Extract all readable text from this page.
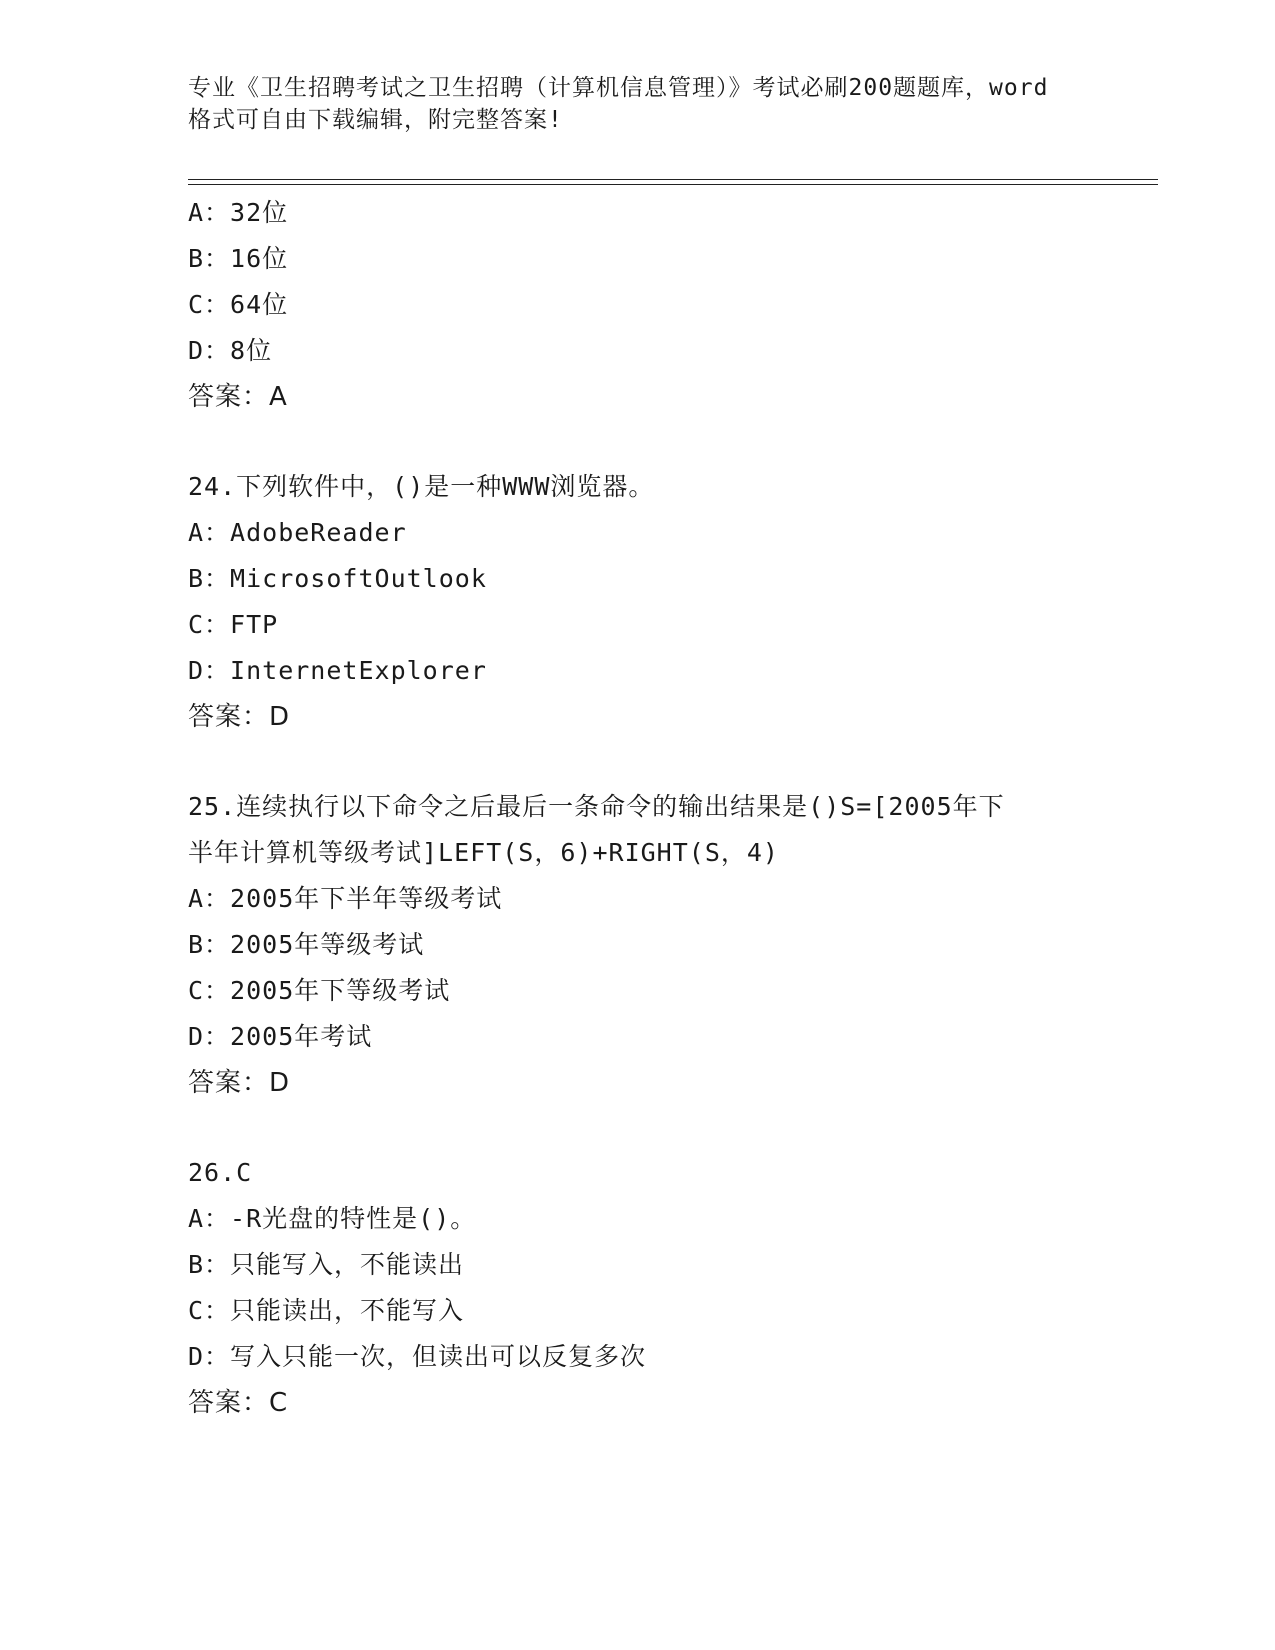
专业《卫生招聘考试之卫生招聘（计算机信息管理）》考试必刷200题题库，word
格式可自由下载编辑，附完整答案!
A：32位
B：16位
C：64位
D：8位
答案：A
24.下列软件中，()是一种WWW浏览器。
A：AdobeReader
B：MicrosoftOutlook
C：FTP
D：InternetExplorer
答案：D
25.连续执行以下命令之后最后一条命令的输出结果是()S=[2005年下
半年计算机等级考试]LEFT(S，6)+RIGHT(S，4)
A：2005年下半年等级考试
B：2005年等级考试
C：2005年下等级考试
D：2005年考试
答案：D
26.C
A：-R光盘的特性是()。
B：只能写入，不能读出
C：只能读出，不能写入
D：写入只能一次，但读出可以反复多次
答案：C
